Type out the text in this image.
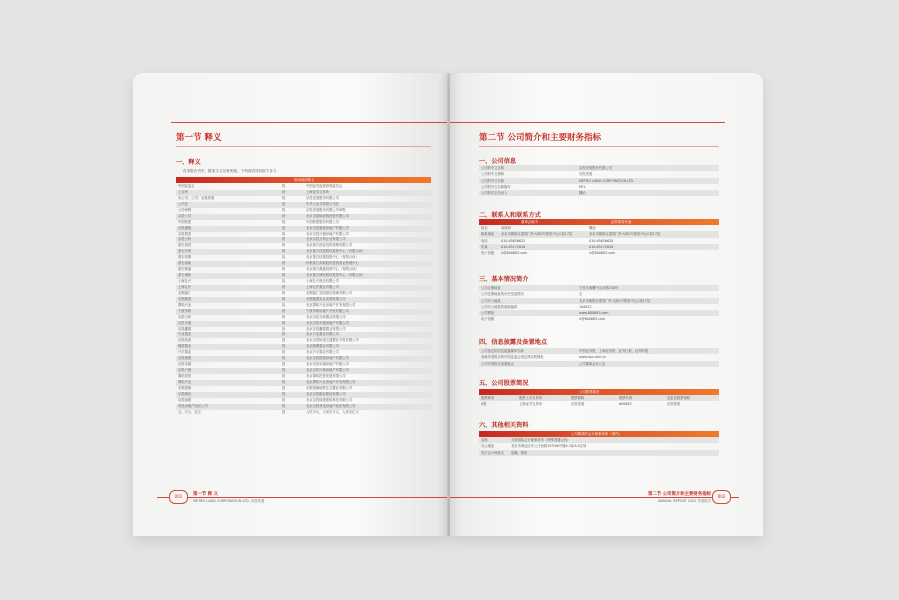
第一节 释义
一、释义
在本报告书中，除非文义另有所指，下列词语具有如下含义：
常用词语释义
中国证监会	指	中国证券监督管理委员会
上交所	指	上海证券交易所
本公司、公司、京投发展	指	京投发展股份有限公司
公司法	指	中华人民共和国公司法
公司章程	指	京投发展股份有限公司章程
京投公司	指	北京市基础设施投资有限公司
中国铁建	指	中国铁建股份有限公司
京投置地	指	北京京投置地房地产有限公司
京投银泰	指	北京京投兴檀房地产有限公司
京投万科	指	北京京投万科企业有限公司
基石创投	指	北京基石创业投资管理有限公司
基石丹青	指	北京基石仲盈股权投资中心（有限合伙）
基石信德	指	北京基石信德投资中心（有限合伙）
基石高新	指	怀柔基石高新股权投资基金管理中心
基石鼎盛	指	北京基石鼎盛投资中心（有限合伙）
基石城轨	指	北京基石城轨股权投资中心（有限合伙）
上海礼兴	指	上海礼兴酒店有限公司
上海礼仟	指	上海礼仟置业有限公司
无锡嘉仁	指	无锡嘉仁花园酒店管理有限公司
无锡惠澄	指	无锡惠澄实业发展有限公司
潭柘兴业	指	北京潭柘兴业房地产开发有限公司
宁波华联	指	宁波华联房地产开发有限公司
京投万和	指	北京京投万和置业有限公司
京投丰德	指	北京京投丰德房地产有限公司
京投灜德	指	北京京投灜德置业有限公司
兴业置业	指	北京兴业置业有限公司
京投轨道	指	北京京投轨道交通置业开发有限公司
颐德置业	指	北京颐德置业有限公司
兴平置业	指	北京兴平置业有限公司
京投瑞德	指	北京京投瑞德房地产有限公司
京投卓越	指	北京京投卓越房地产有限公司
京投兴海	指	北京京投兴海房地产有限公司
潭柘投资	指	北京潭柘投资发展有限公司
潭柘兴业	指	北京潭柘兴业房地产开发有限公司
无锡望愉	指	无锡望愉地铁生态置业有限公司
京投颐信	指	北京京投颐信建设有限公司
京投绿建	指	北京京投绿建建筑科技有限公司
易投房地产经纪公司	指	北京京投易投房地产经纪有限公司
元、万元、亿元	指	人民币元、人民币万元、人民币亿元
001	第一节 释 义
METRO LAND CORPORATION LTD. 京投发展
第二节 公司简介和主要财务指标
一、公司信息
公司的中文名称	京投发展股份有限公司
公司的中文简称	京投发展
公司的外文名称	METRO LAND CORPORATION LTD.
公司的外文名称缩写	MTL
公司的法定代表人	魏怡
二、联系人和联系方式
董事会秘书	证券事务代表
姓名	高晓妍	魏旭
联系地址 北京市朝阳区建国门外大街2号银泰中心C座17层	北京市朝阳区建国门外大街2号银泰中心C座17层
电话	010-65636622	010-65636620
传真	010-85172628	010-85172628
电子信箱 ir@600683.com	ir@600683.com
三、基本情况简介
公司注册地址	宁波市海曙中山东路238号
公司注册地址的历史变更情况	无
公司办公地址	北京市朝阳区建国门外大街2号银泰中心C座17层
公司办公地址的邮政编码	100022
公司网址	www.600683.com
电子信箱	ir@600683.com
四、信息披露及备置地点
公司选定的信息披露媒体名称	中国证券报、上海证券报、证券日报、证券时报
登载年度报告的中国证监会指定网站的网址	www.sse.com.cn
公司年度报告备置地点	公司董事会办公室
五、公司股票简况
公司股票简况
股票种类	股票上市交易所	股票简称	股票代码	变更前股票简称
A股	上海证券交易所	京投发展	600683	京投银泰
六、其他相关资料
公司聘请的会计师事务所（境内）
名称	天职国际会计师事务所（特殊普通合伙）
办公地址	北京市海淀区车公庄西路19号68号楼A-1和A-5区域
签字会计师姓名 屈飚、陈旭
002
第二节 公司简介和主要财务指标
ANNUAL REPORT 2022 年度报告
